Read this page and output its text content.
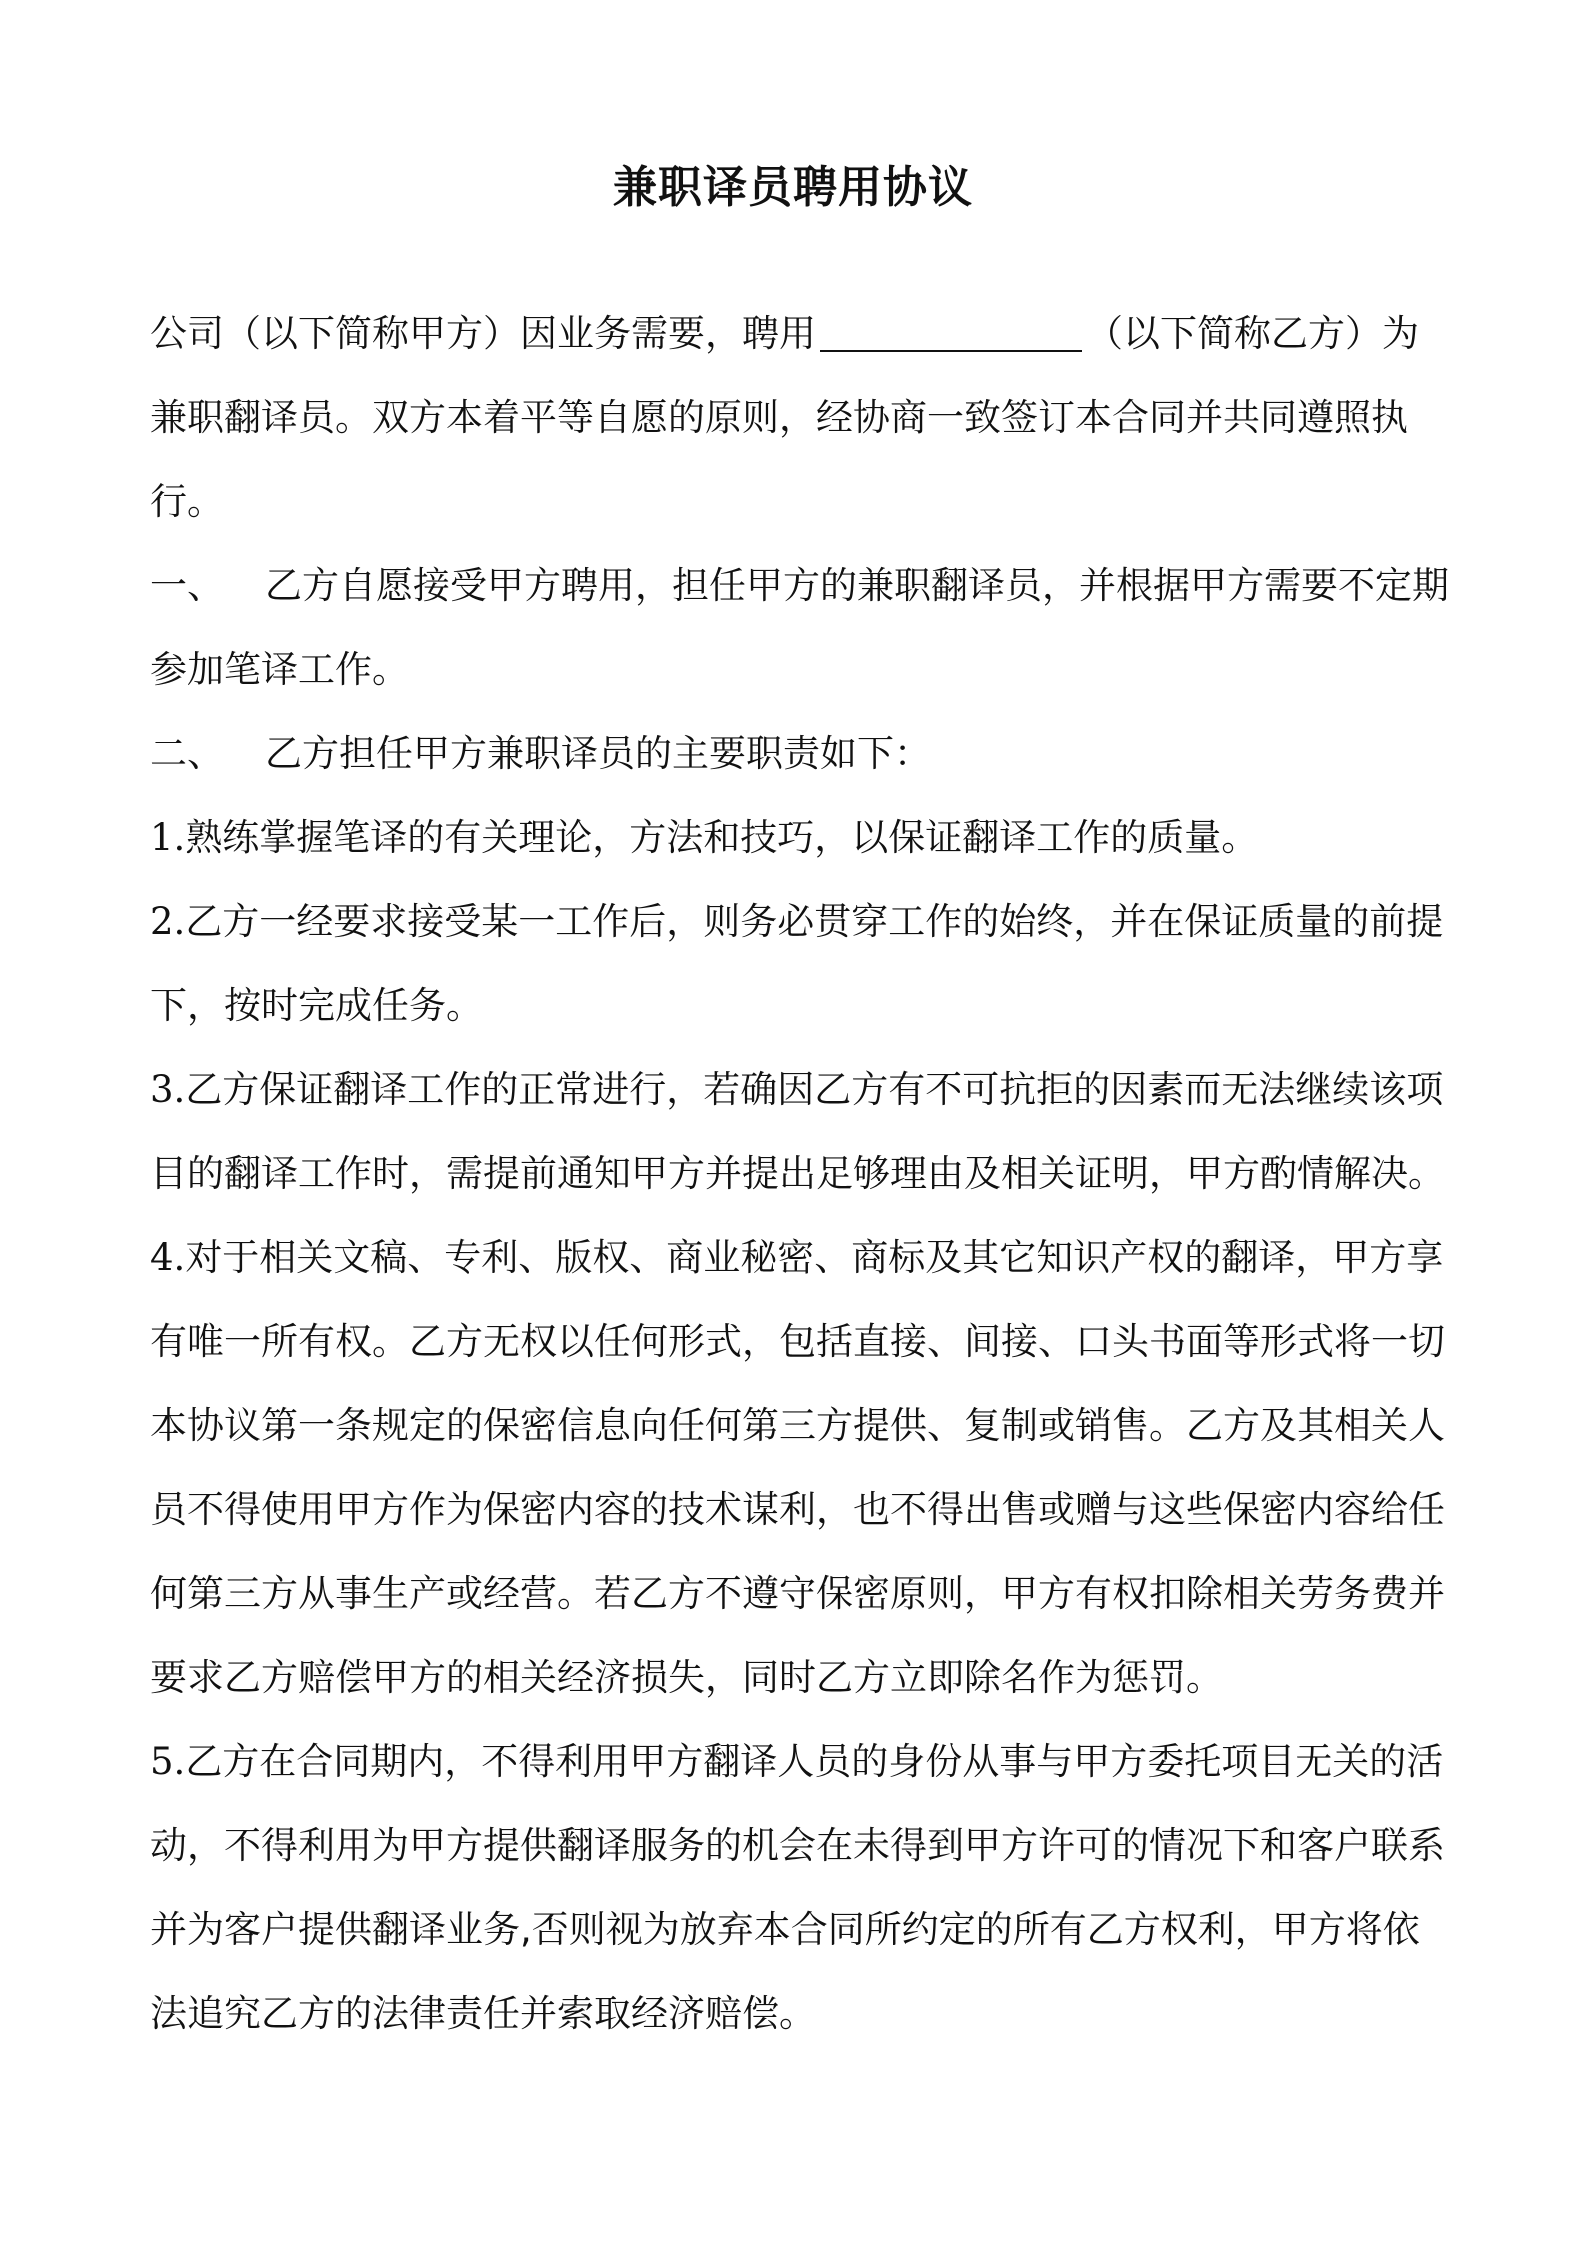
兼职译员聘用协议

公司（以下简称甲方）因业务需要，聘用	（以下简称乙方）为兼职翻译员。双方本着平等自愿的原则，经协商一致签订本合同并共同遵照执行。

一、 乙方自愿接受甲方聘用，担任甲方的兼职翻译员，并根据甲方需要不定期参加笔译工作。

二、 乙方担任甲方兼职译员的主要职责如下：

1.熟练掌握笔译的有关理论，方法和技巧，以保证翻译工作的质量。

2.乙方一经要求接受某一工作后，则务必贯穿工作的始终，并在保证质量的前提下，按时完成任务。

3.乙方保证翻译工作的正常进行，若确因乙方有不可抗拒的因素而无法继续该项目的翻译工作时，需提前通知甲方并提出足够理由及相关证明，甲方酌情解决。

4.对于相关文稿、专利、版权、商业秘密、商标及其它知识产权的翻译，甲方享有唯一所有权。乙方无权以任何形式，包括直接、间接、口头书面等形式将一切本协议第一条规定的保密信息向任何第三方提供、复制或销售。乙方及其相关人员不得使用甲方作为保密内容的技术谋利，也不得出售或赠与这些保密内容给任何第三方从事生产或经营。若乙方不遵守保密原则，甲方有权扣除相关劳务费并要求乙方赔偿甲方的相关经济损失，同时乙方立即除名作为惩罚。

5.乙方在合同期内，不得利用甲方翻译人员的身份从事与甲方委托项目无关的活动，不得利用为甲方提供翻译服务的机会在未得到甲方许可的情况下和客户联系并为客户提供翻译业务,否则视为放弃本合同所约定的所有乙方权利，甲方将依法追究乙方的法律责任并索取经济赔偿。
